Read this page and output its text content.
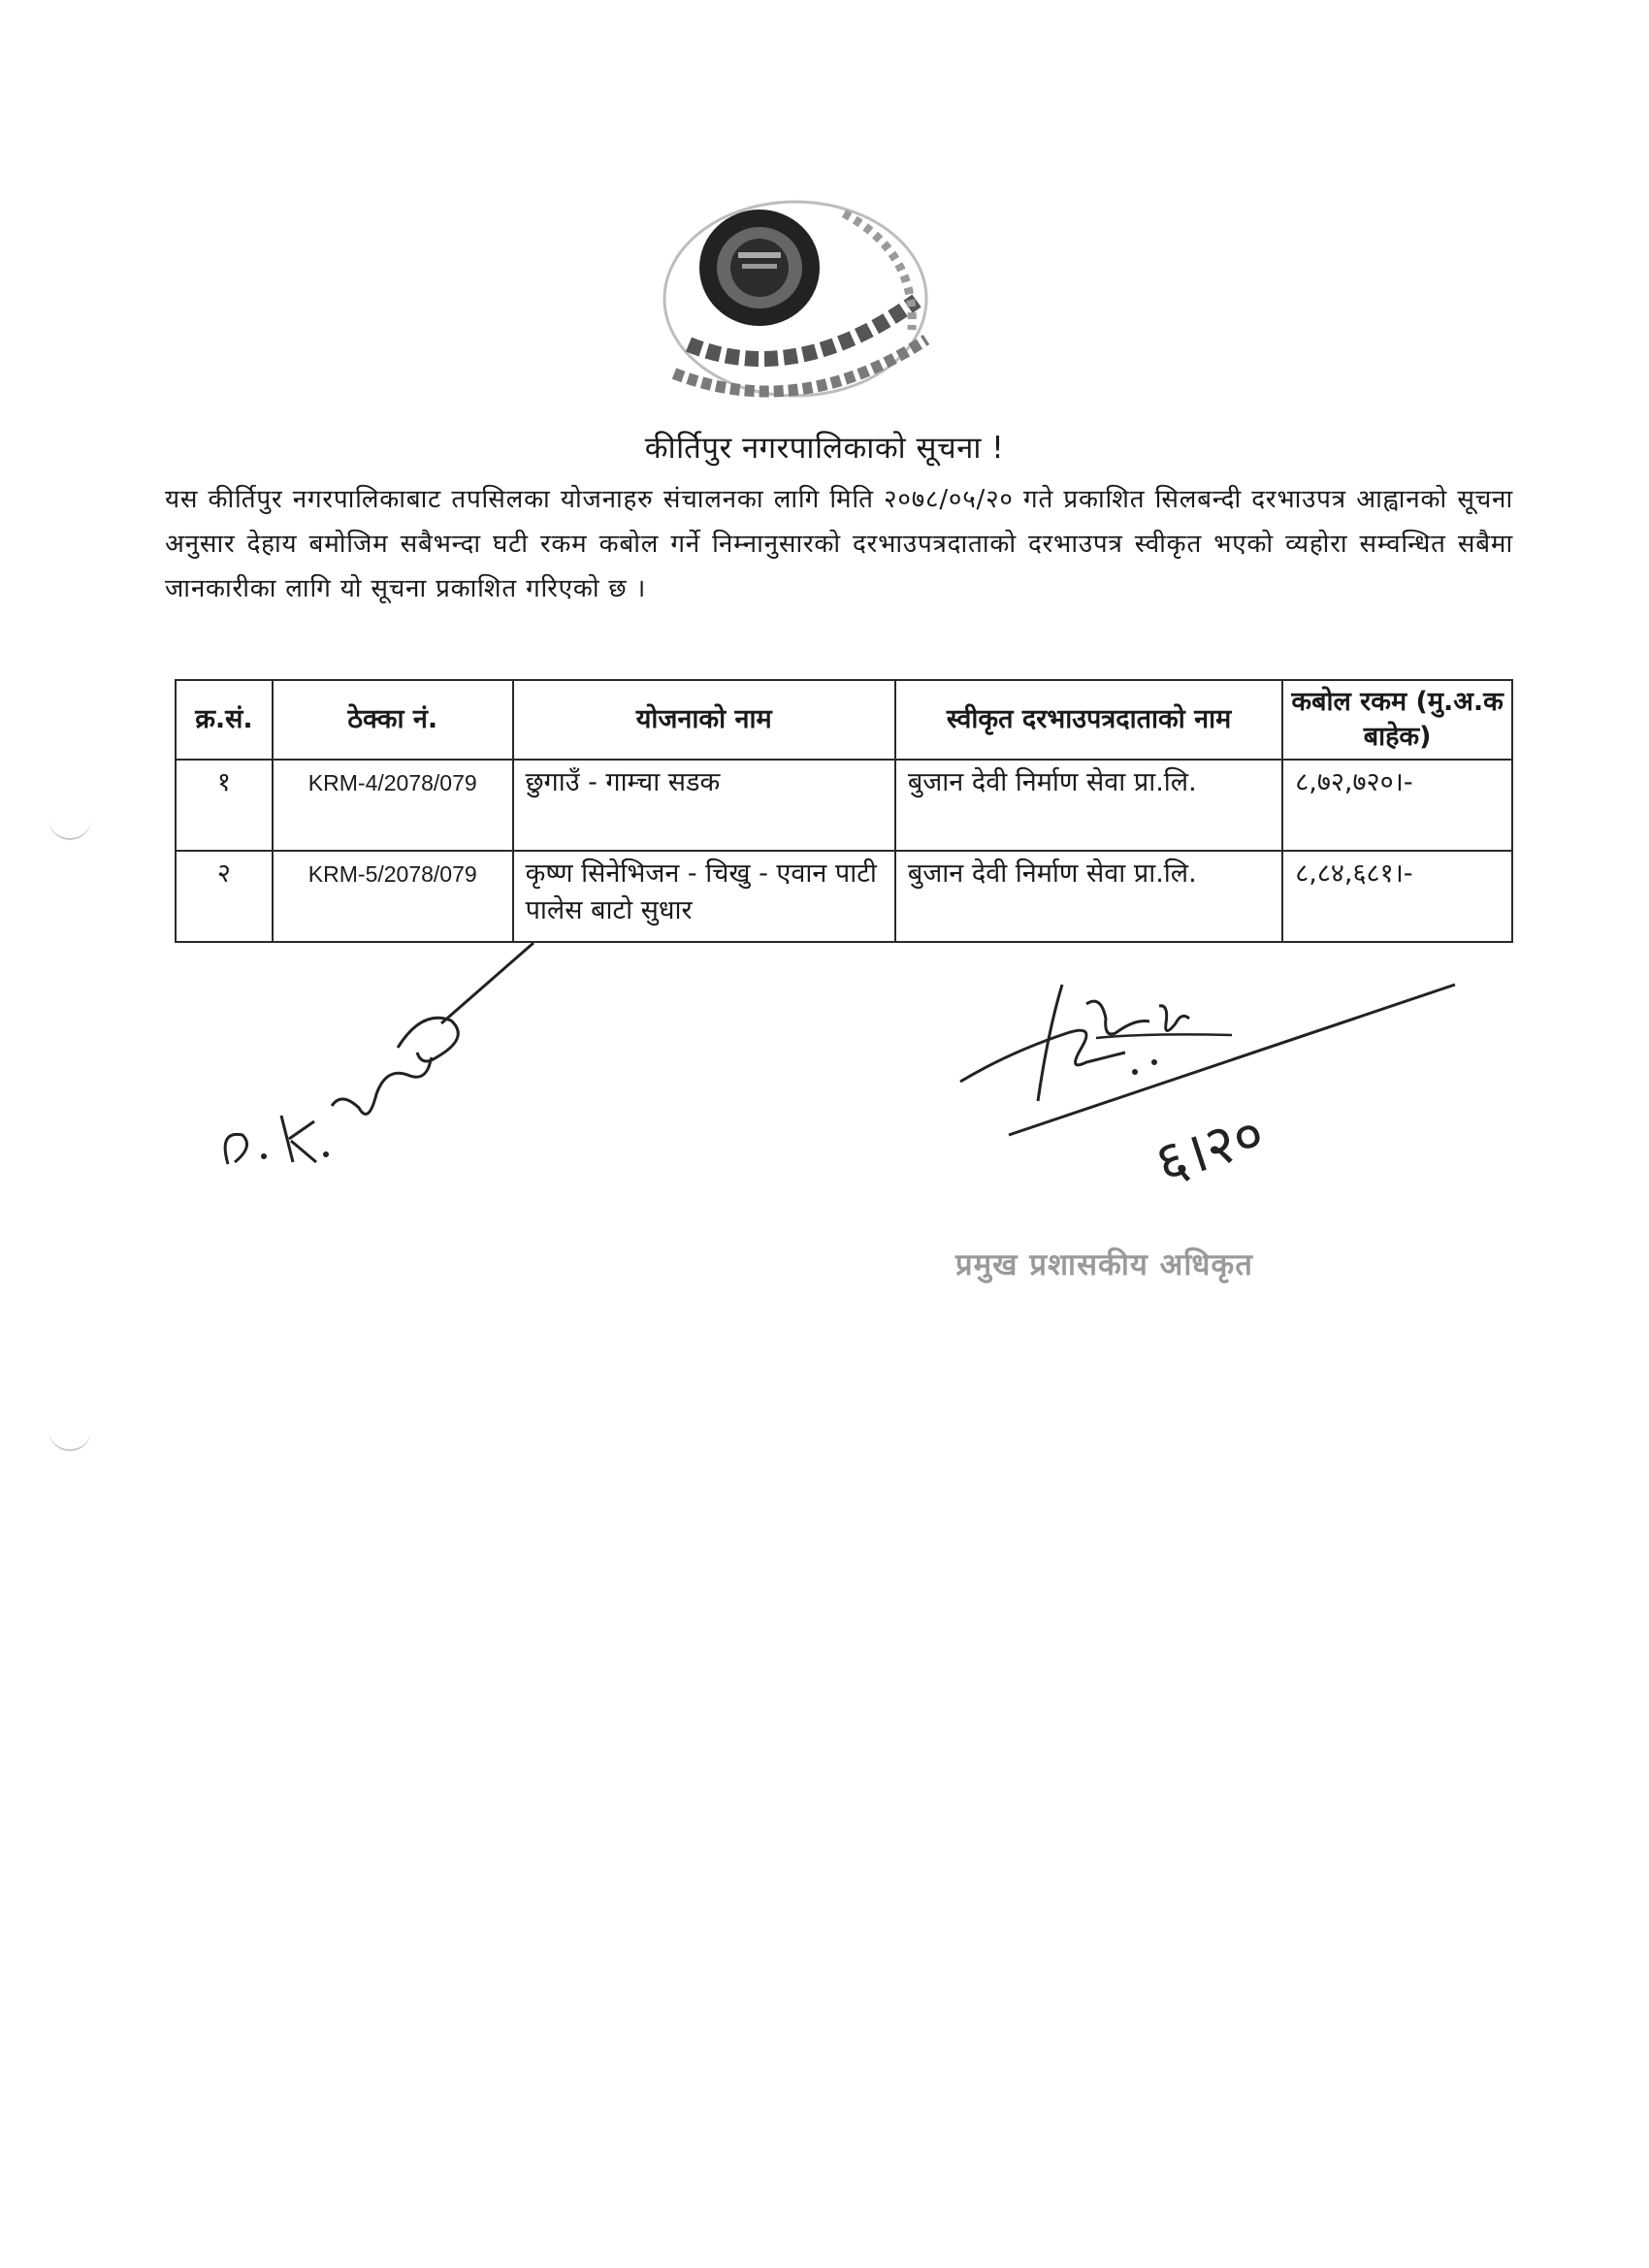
कीर्तिपुर नगरपालिकाको सूचना !
यस कीर्तिपुर नगरपालिकाबाट तपसिलका योजनाहरु संचालनका लागि मिति २०७८/०५/२० गते प्रकाशित सिलबन्दी दरभाउपत्र आह्वानको सूचना अनुसार देहाय बमोजिम सबैभन्दा घटी रकम कबोल गर्ने निम्नानुसारको दरभाउपत्रदाताको दरभाउपत्र स्वीकृत भएको व्यहोरा सम्वन्धित सबैमा जानकारीका लागि यो सूचना प्रकाशित गरिएको छ ।
क्र.सं.	ठेक्का नं.	योजनाको नाम	स्वीकृत दरभाउपत्रदाताको नाम	कबोल रकम (मु.अ.क बाहेक)
१	KRM-4/2078/079	छुगाउँ - गाम्चा सडक	बुजान देवी निर्माण सेवा प्रा.लि.	८,७२,७२०।-
२	KRM-5/2078/079	कृष्ण सिनेभिजन - चिखु - एवान पाटी पालेस बाटो सुधार	बुजान देवी निर्माण सेवा प्रा.लि.	८,८४,६८१।-
६।२०
प्रमुख प्रशासकीय अधिकृत
